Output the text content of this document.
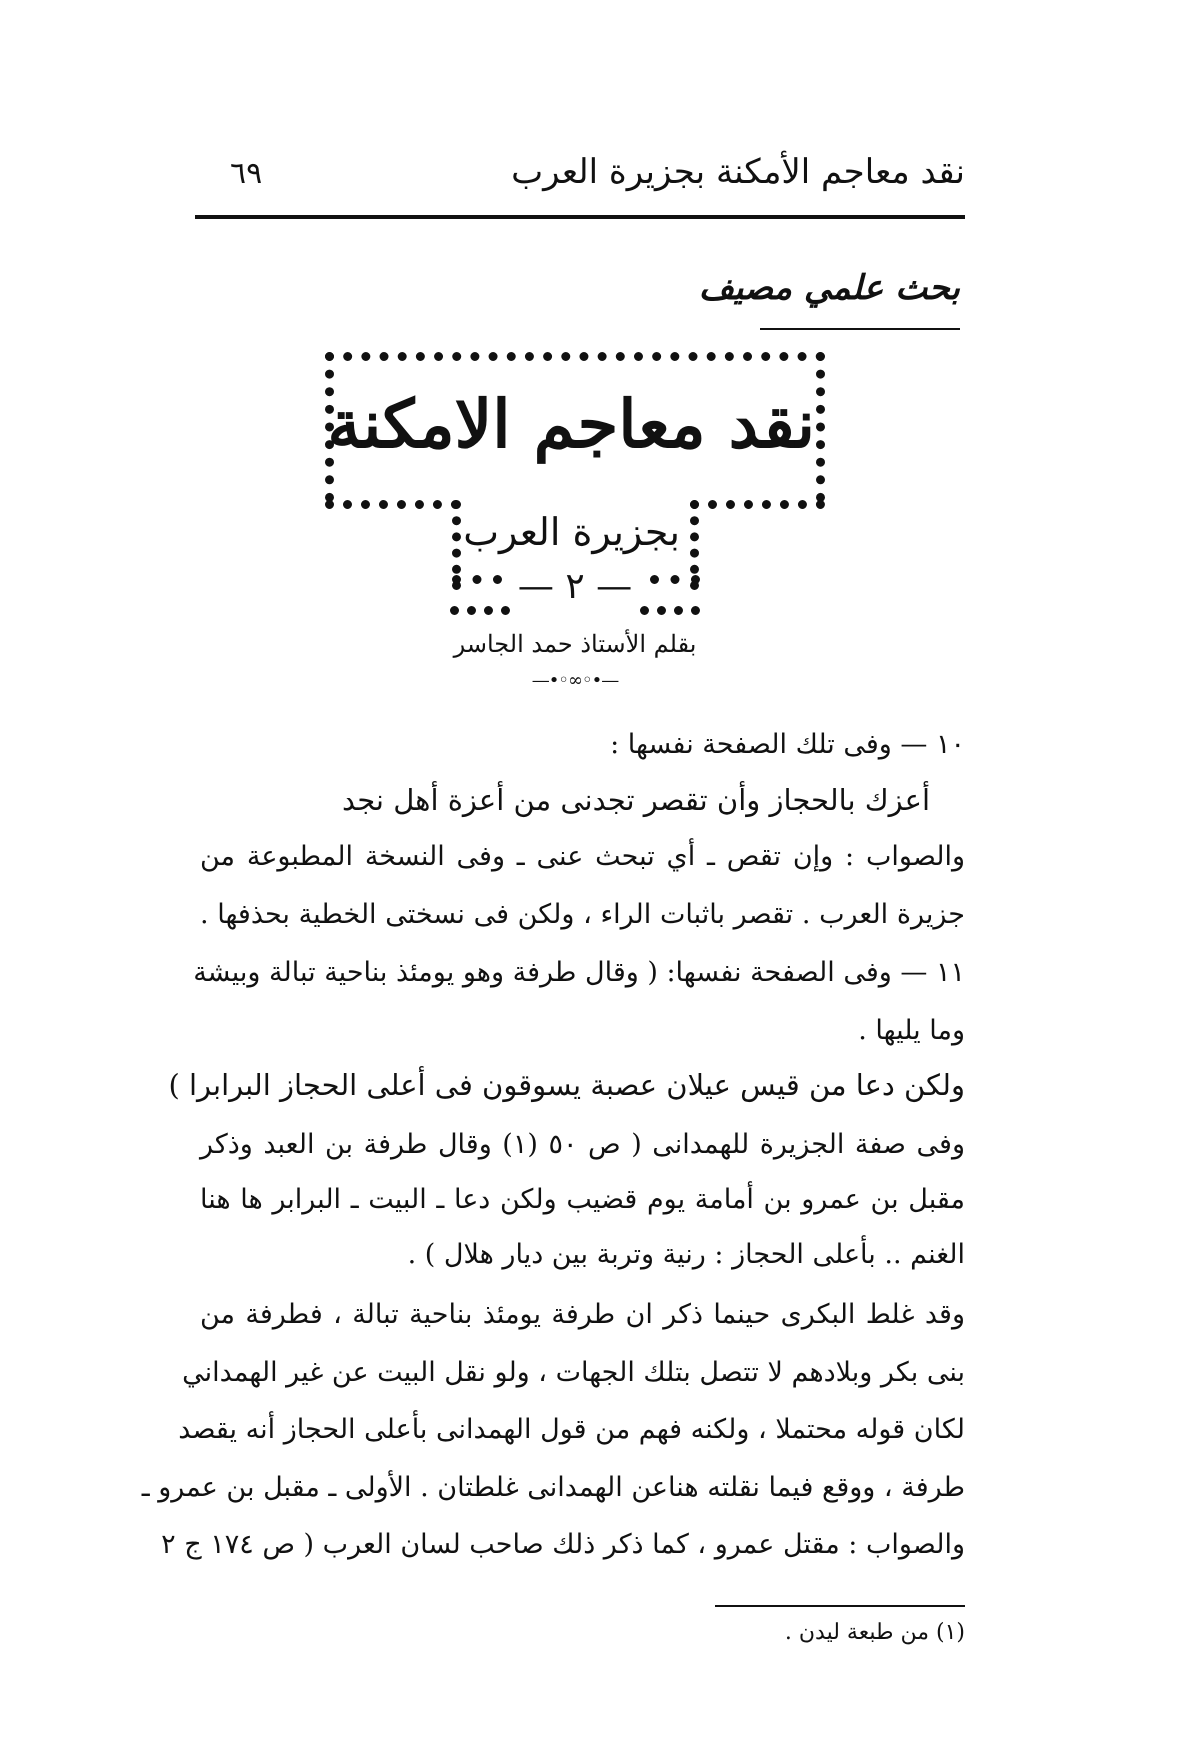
٦٩	نقد معاجم الأمكنة بجزيرة العرب
بحث علمي مصيف
نقد معاجم الامكنة
بجزيرة العرب
— ٢ —
بقلم الأستاذ حمد الجاسر
—•◦∞◦•—
١٠ — وفى تلك الصفحة نفسها :
أعزك بالحجاز وأن تقصر تجدنى من أعزة أهل نجد
والصواب : وإن تقص ـ أي تبحث عنى ـ وفى النسخة المطبوعة من
جزيرة العرب . تقصر باثبات الراء ، ولكن فى نسختى الخطية بحذفها .
١١ — وفى الصفحة نفسها: ( وقال طرفة وهو يومئذ بناحية تبالة وبيشة
وما يليها .
ولكن دعا من قيس عيلان عصبة يسوقون فى أعلى الحجاز البرابرا )
وفى صفة الجزيرة للهمدانى ( ص ٥٠ (١) وقال طرفة بن العبد وذكر
مقبل بن عمرو بن أمامة يوم قضيب ولكن دعا ـ البيت ـ البرابر ها هنا
الغنم .. بأعلى الحجاز : رنية وتربة بين ديار هلال ) .
وقد غلط البكرى حينما ذكر ان طرفة يومئذ بناحية تبالة ، فطرفة من
بنى بكر وبلادهم لا تتصل بتلك الجهات ، ولو نقل البيت عن غير الهمداني
لكان قوله محتملا ، ولكنه فهم من قول الهمدانى بأعلى الحجاز أنه يقصد
طرفة ، ووقع فيما نقلته هناعن الهمدانى غلطتان . الأولى ـ مقبل بن عمرو ـ
والصواب : مقتل عمرو ، كما ذكر ذلك صاحب لسان العرب ( ص ١٧٤ ج ٢
(١) من طبعة ليدن .
